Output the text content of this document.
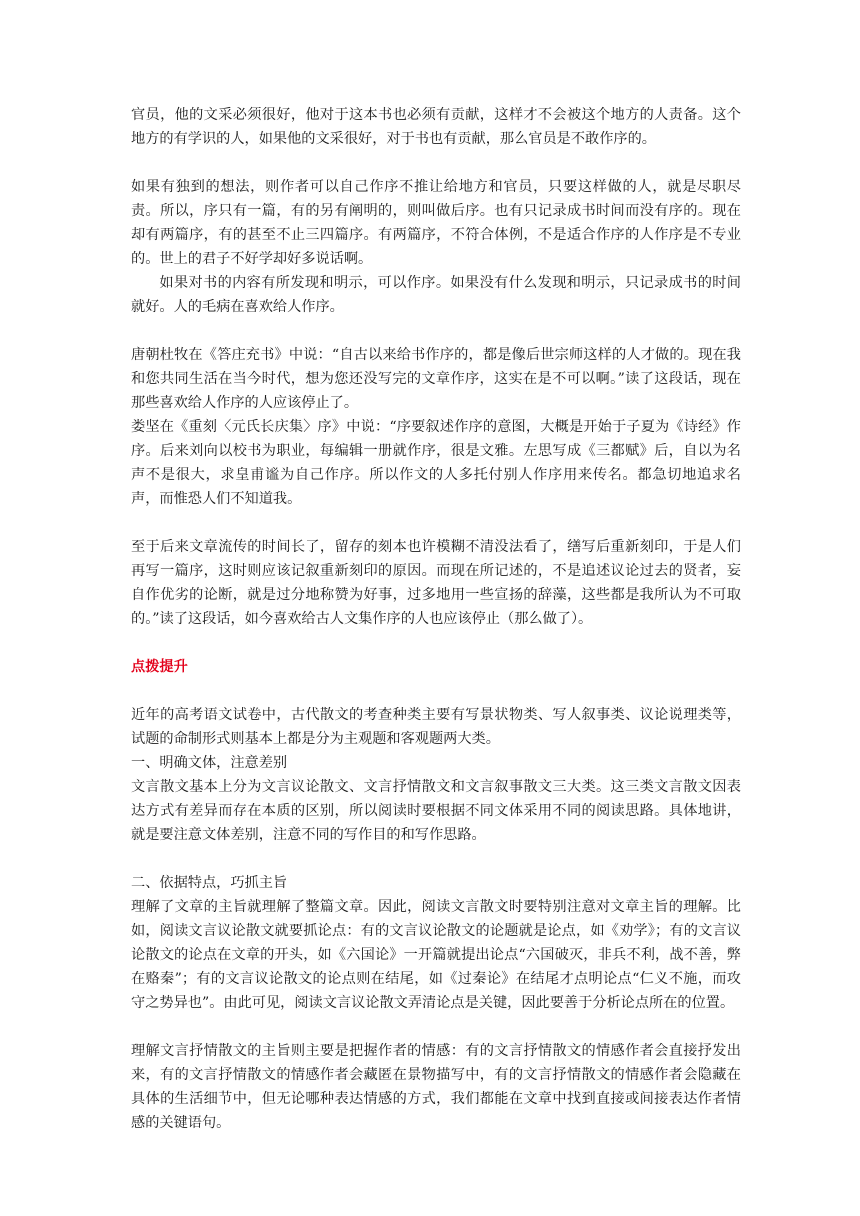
官员，他的文采必须很好，他对于这本书也必须有贡献，这样才不会被这个地方的人责备。这个地方的有学识的人，如果他的文采很好，对于书也有贡献，那么官员是不敢作序的。

如果有独到的想法，则作者可以自己作序不推让给地方和官员，只要这样做的人，就是尽职尽责。所以，序只有一篇，有的另有阐明的，则叫做后序。也有只记录成书时间而没有序的。现在却有两篇序，有的甚至不止三四篇序。有两篇序，不符合体例，不是适合作序的人作序是不专业的。世上的君子不好学却好多说话啊。

如果对书的内容有所发现和明示，可以作序。如果没有什么发现和明示，只记录成书的时间就好。人的毛病在喜欢给人作序。

唐朝杜牧在《答庄充书》中说：“自古以来给书作序的，都是像后世宗师这样的人才做的。现在我和您共同生活在当今时代，想为您还没写完的文章作序，这实在是不可以啊。”读了这段话，现在那些喜欢给人作序的人应该停止了。

娄坚在《重刻〈元氏长庆集〉序》中说：“序要叙述作序的意图，大概是开始于子夏为《诗经》作序。后来刘向以校书为职业，每编辑一册就作序，很是文雅。左思写成《三都赋》后，自以为名声不是很大，求皇甫谧为自己作序。所以作文的人多托付别人作序用来传名。都急切地追求名声，而惟恐人们不知道我。

至于后来文章流传的时间长了，留存的刻本也许模糊不清没法看了，缮写后重新刻印，于是人们再写一篇序，这时则应该记叙重新刻印的原因。而现在所记述的，不是追述议论过去的贤者，妄自作优劣的论断，就是过分地称赞为好事，过多地用一些宣扬的辞藻，这些都是我所认为不可取的。”读了这段话，如今喜欢给古人文集作序的人也应该停止（那么做了）。

点拨提升

近年的高考语文试卷中，古代散文的考查种类主要有写景状物类、写人叙事类、议论说理类等，试题的命制形式则基本上都是分为主观题和客观题两大类。

一、明确文体，注意差别

文言散文基本上分为文言议论散文、文言抒情散文和文言叙事散文三大类。这三类文言散文因表达方式有差异而存在本质的区别，所以阅读时要根据不同文体采用不同的阅读思路。具体地讲，就是要注意文体差别，注意不同的写作目的和写作思路。

二、依据特点，巧抓主旨

理解了文章的主旨就理解了整篇文章。因此，阅读文言散文时要特别注意对文章主旨的理解。比如，阅读文言议论散文就要抓论点：有的文言议论散文的论题就是论点，如《劝学》；有的文言议论散文的论点在文章的开头，如《六国论》一开篇就提出论点“六国破灭，非兵不利，战不善，弊在赂秦”；有的文言议论散文的论点则在结尾，如《过秦论》在结尾才点明论点“仁义不施，而攻守之势异也”。由此可见，阅读文言议论散文弄清论点是关键，因此要善于分析论点所在的位置。

理解文言抒情散文的主旨则主要是把握作者的情感：有的文言抒情散文的情感作者会直接抒发出来，有的文言抒情散文的情感作者会藏匿在景物描写中，有的文言抒情散文的情感作者会隐藏在具体的生活细节中，但无论哪种表达情感的方式，我们都能在文章中找到直接或间接表达作者情感的关键语句。
